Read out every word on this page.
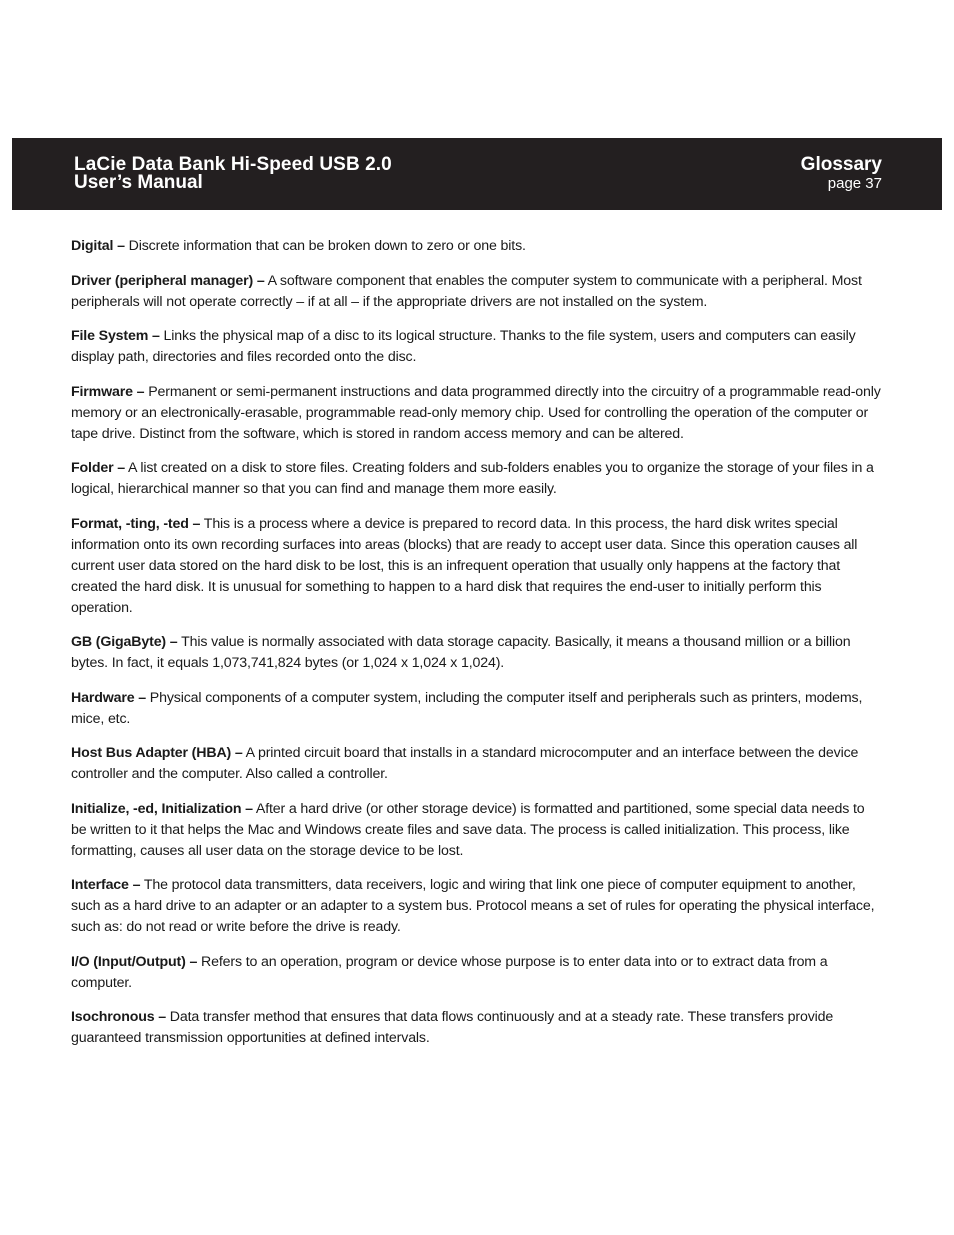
LaCie Data Bank Hi-Speed USB 2.0
User’s Manual
Glossary
page 37

Digital – Discrete information that can be broken down to zero or one bits.

Driver (peripheral manager) – A software component that enables the computer system to communicate with a peripheral. Most peripherals will not operate correctly – if at all – if the appropriate drivers are not installed on the system.

File System – Links the physical map of a disc to its logical structure. Thanks to the file system, users and computers can easily display path, directories and files recorded onto the disc.

Firmware – Permanent or semi-permanent instructions and data programmed directly into the circuitry of a programmable read-only memory or an electronically-erasable, programmable read-only memory chip. Used for controlling the operation of the computer or tape drive. Distinct from the software, which is stored in random access memory and can be altered.

Folder – A list created on a disk to store files. Creating folders and sub-folders enables you to organize the storage of your files in a logical, hierarchical manner so that you can find and manage them more easily.

Format, -ting, -ted – This is a process where a device is prepared to record data. In this process, the hard disk writes special information onto its own recording surfaces into areas (blocks) that are ready to accept user data. Since this operation causes all current user data stored on the hard disk to be lost, this is an infrequent operation that usually only happens at the factory that created the hard disk. It is unusual for something to happen to a hard disk that requires the end-user to initially perform this operation.

GB (GigaByte) – This value is normally associated with data storage capacity. Basically, it means a thousand million or a billion bytes. In fact, it equals 1,073,741,824 bytes (or 1,024 x 1,024 x 1,024).

Hardware – Physical components of a computer system, including the computer itself and peripherals such as printers, modems, mice, etc.

Host Bus Adapter (HBA) – A printed circuit board that installs in a standard microcomputer and an interface between the device controller and the computer. Also called a controller.

Initialize, -ed, Initialization – After a hard drive (or other storage device) is formatted and partitioned, some special data needs to be written to it that helps the Mac and Windows create files and save data. The process is called initialization. This process, like formatting, causes all user data on the storage device to be lost.

Interface – The protocol data transmitters, data receivers, logic and wiring that link one piece of computer equipment to another, such as a hard drive to an adapter or an adapter to a system bus. Protocol means a set of rules for operating the physical interface, such as: do not read or write before the drive is ready.

I/O (Input/Output) – Refers to an operation, program or device whose purpose is to enter data into or to extract data from a computer.

Isochronous – Data transfer method that ensures that data flows continuously and at a steady rate. These transfers provide guaranteed transmission opportunities at defined intervals.
